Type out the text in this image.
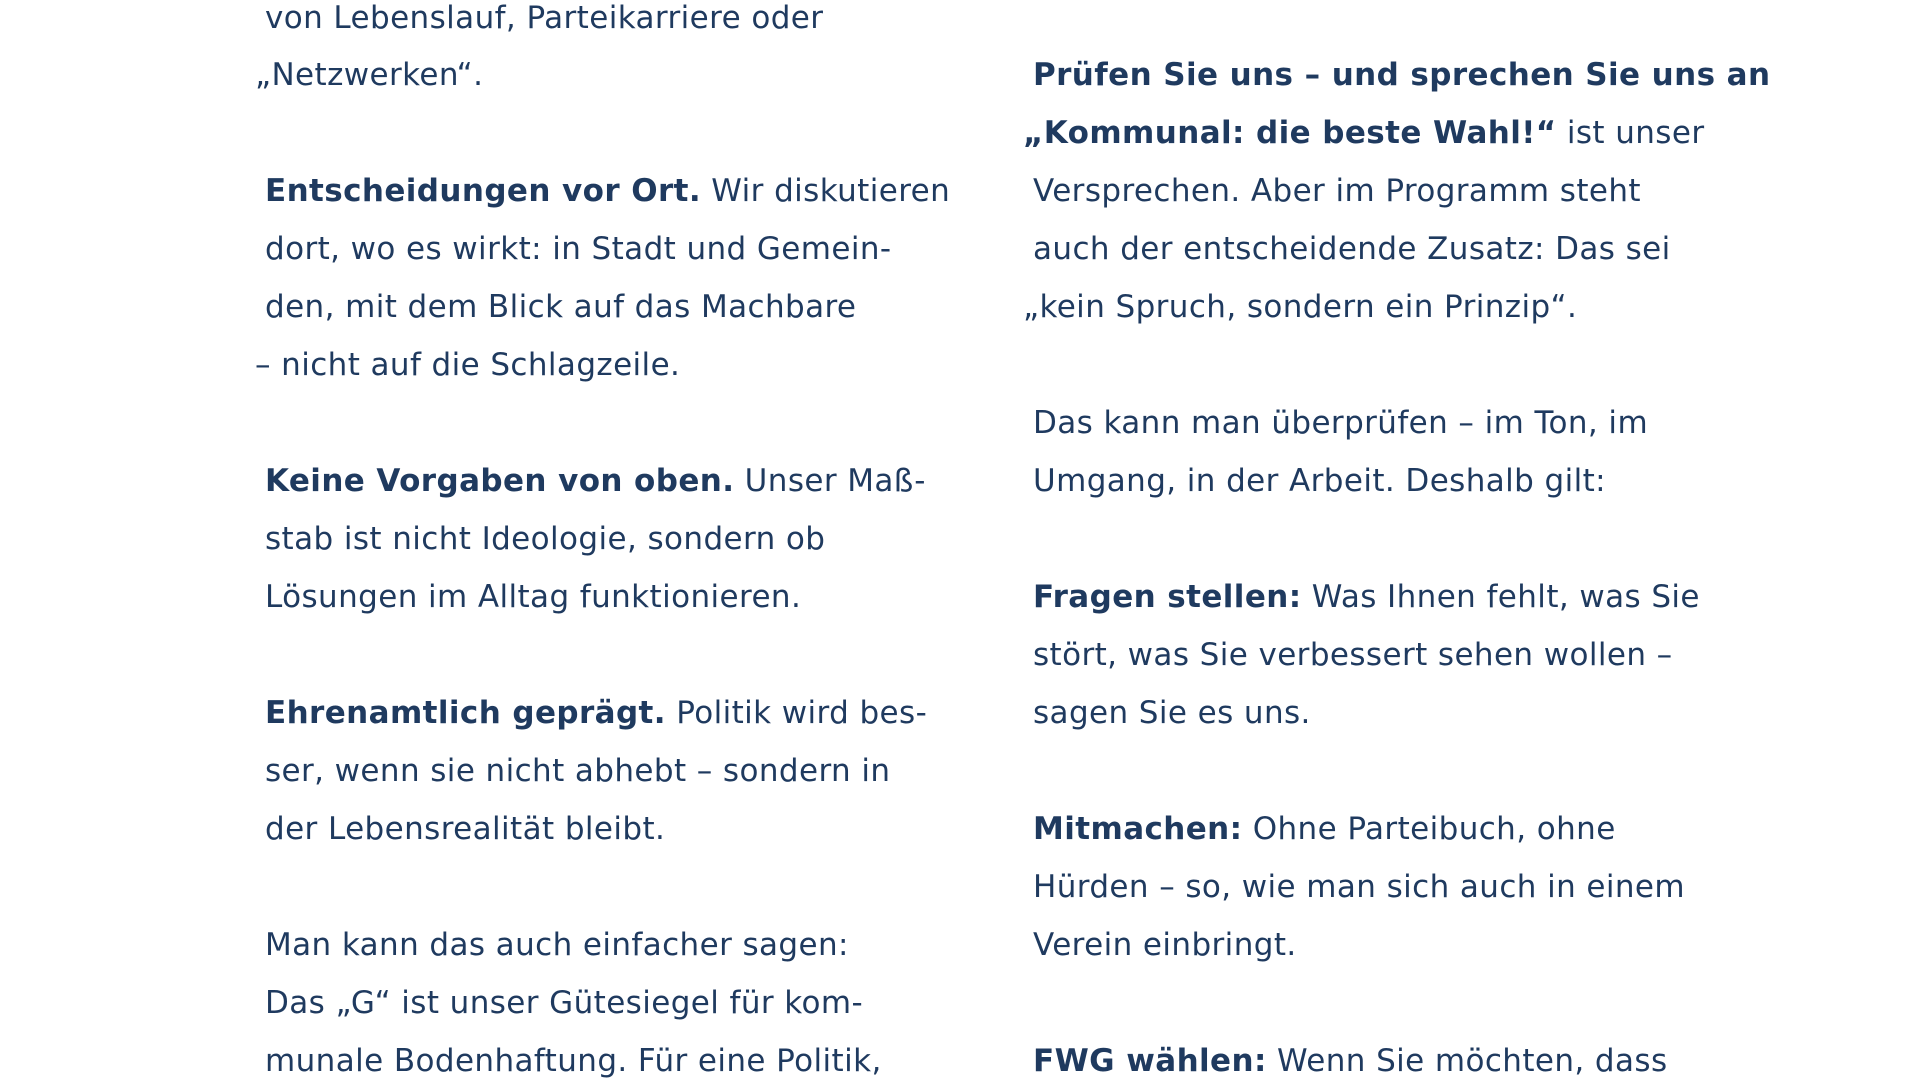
von Lebenslauf, Parteikarriere oder
„Netzwerken“.
Entscheidungen vor Ort. Wir diskutieren
dort, wo es wirkt: in Stadt und Gemein-
den, mit dem Blick auf das Machbare
– nicht auf die Schlagzeile.
Keine Vorgaben von oben. Unser Maß-
stab ist nicht Ideologie, sondern ob
Lösungen im Alltag funktionieren.
Ehrenamtlich geprägt. Politik wird bes-
ser, wenn sie nicht abhebt – sondern in
der Lebensrealität bleibt.
Man kann das auch einfacher sagen:
Das „G“ ist unser Gütesiegel für kom-
munale Bodenhaftung. Für eine Politik,
Prüfen Sie uns – und sprechen Sie uns an
„Kommunal: die beste Wahl!“ ist unser
Versprechen. Aber im Programm steht
auch der entscheidende Zusatz: Das sei
„kein Spruch, sondern ein Prinzip“.
Das kann man überprüfen – im Ton, im
Umgang, in der Arbeit. Deshalb gilt:
Fragen stellen: Was Ihnen fehlt, was Sie
stört, was Sie verbessert sehen wollen –
sagen Sie es uns.
Mitmachen: Ohne Parteibuch, ohne
Hürden – so, wie man sich auch in einem
Verein einbringt.
FWG wählen: Wenn Sie möchten, dass
